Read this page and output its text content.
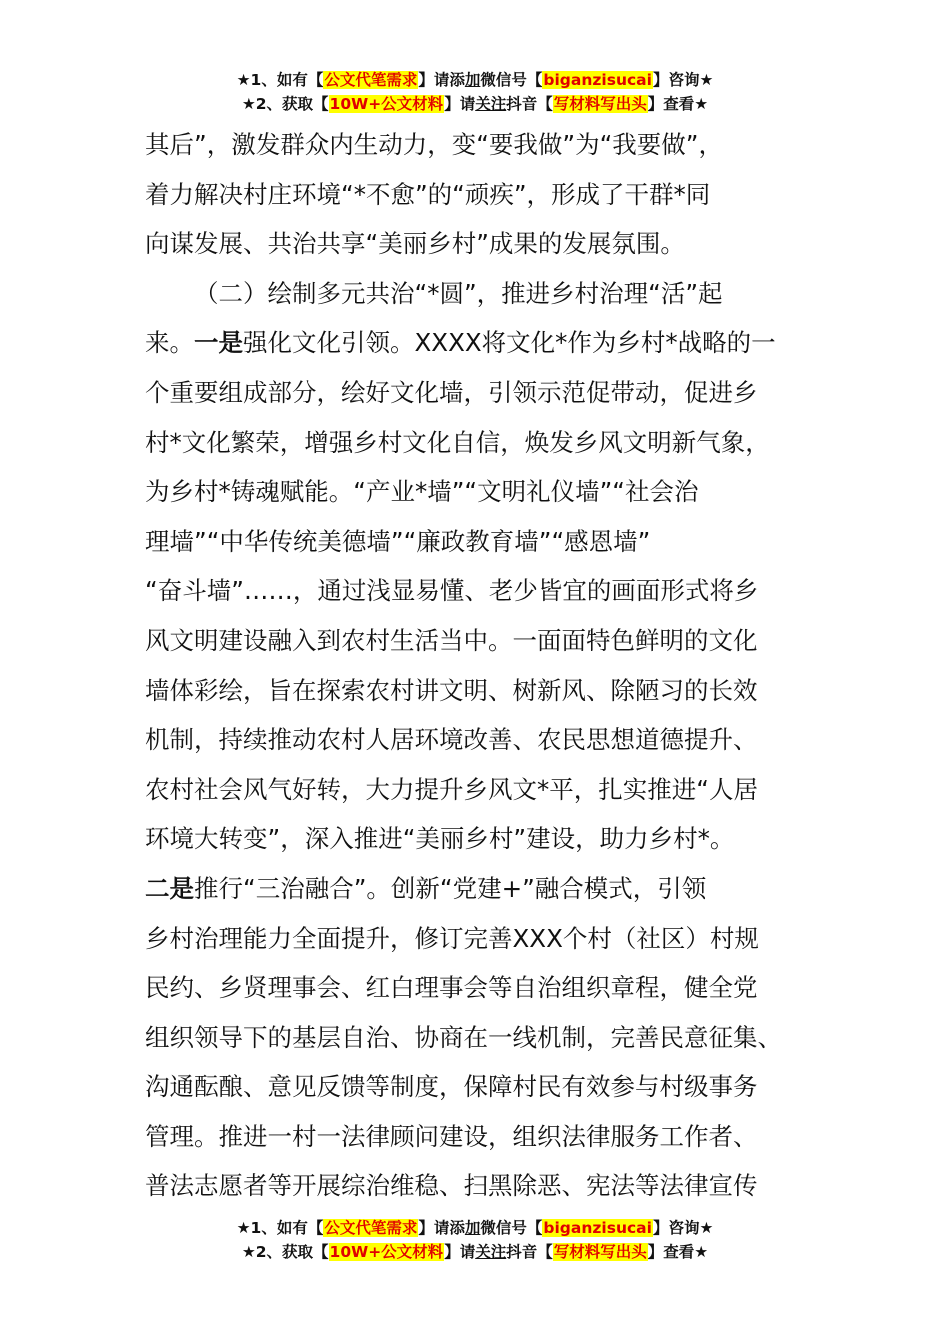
★1、如有【公文代笔需求】请添加微信号【biganzisucai】咨询★
★2、获取【10W+公文材料】请关注抖音【写材料写出头】查看★
其后”，激发群众内生动力，变“要我做”为“我要做”，
着力解决村庄环境“*不愈”的“顽疾”，形成了干群*同
向谋发展、共治共享“美丽乡村”成果的发展氛围。
（二）绘制多元共治“*圆”，推进乡村治理“活”起
来。一是强化文化引领。XXXX将文化*作为乡村*战略的一
个重要组成部分，绘好文化墙，引领示范促带动，促进乡
村*文化繁荣，增强乡村文化自信，焕发乡风文明新气象，
为乡村*铸魂赋能。“产业*墙”“文明礼仪墙”“社会治
理墙”“中华传统美德墙”“廉政教育墙”“感恩墙”
“奋斗墙”……，通过浅显易懂、老少皆宜的画面形式将乡
风文明建设融入到农村生活当中。一面面特色鲜明的文化
墙体彩绘，旨在探索农村讲文明、树新风、除陋习的长效
机制，持续推动农村人居环境改善、农民思想道德提升、
农村社会风气好转，大力提升乡风文*平，扎实推进“人居
环境大转变”，深入推进“美丽乡村”建设，助力乡村*。
二是推行“三治融合”。创新“党建+”融合模式，引领
乡村治理能力全面提升，修订完善XXX个村（社区）村规
民约、乡贤理事会、红白理事会等自治组织章程，健全党
组织领导下的基层自治、协商在一线机制，完善民意征集、
沟通酝酿、意见反馈等制度，保障村民有效参与村级事务
管理。推进一村一法律顾问建设，组织法律服务工作者、
普法志愿者等开展综治维稳、扫黑除恶、宪法等法律宣传
★1、如有【公文代笔需求】请添加微信号【biganzisucai】咨询★
★2、获取【10W+公文材料】请关注抖音【写材料写出头】查看★
